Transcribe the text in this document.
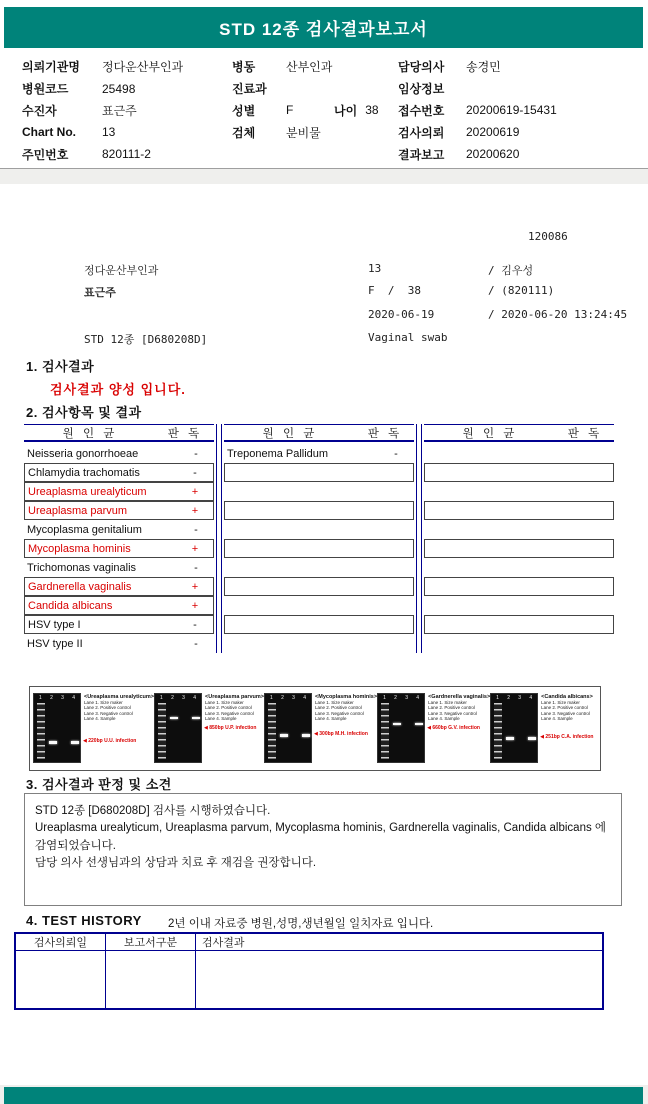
STD 12종 검사결과보고서
의뢰기관명	정다운산부인과
병원코드	25498
수진자	표근주
Chart No.	13
주민번호	820111-2
병동	산부인과
진료과
성별	F	나이 38
검체	분비물
담당의사	송경민
임상정보
접수번호	20200619-15431
검사의뢰	20200619
결과보고	20200620
120086
정다운산부인과	13	/ 김우성
표근주	F  /  38	/ (820111)
2020-06-19	/ 2020-06-20 13:24:45
STD 12종 [D680208D]	Vaginal swab
1. 검사결과
검사결과 양성 입니다.
2. 검사항목 및 결과
원 인 균	판 독
Neisseria gonorrhoeae	-
Chlamydia trachomatis	-
Ureaplasma urealyticum	+
Ureaplasma parvum	+
Mycoplasma genitalium	-
Mycoplasma hominis	+
Trichomonas vaginalis	-
Gardnerella vaginalis	+
Candida albicans	+
HSV type I	-
HSV type II	-
원 인 균	판 독
Treponema Pallidum	-
원 인 균	판 독
1 2 3 4 <Ureaplasma urealyticum>
Lane 1. Size maker
Lane 2. Positive control
Lane 3. Negative control
Lane 4. Sample
◀ 220bp U.U. infection
1 2 3 4 <Ureaplasma parvum>
Lane 1. Size maker
Lane 2. Positive control
Lane 3. Negative control
Lane 4. Sample
◀ 850bp U.P. infection
1 2 3 4 <Mycoplasma hominis>
Lane 1. Size maker
Lane 2. Positive control
Lane 3. Negative control
Lane 4. Sample
◀ 300bp M.H. infection
1 2 3 4 <Gardnerella vaginalis>
Lane 1. Size maker
Lane 2. Positive control
Lane 3. Negative control
Lane 4. Sample
◀ 660bp G.V. infection
1 2 3 4 <Candida albicans>
Lane 1. Size maker
Lane 2. Positive control
Lane 3. Negative control
Lane 4. Sample
◀ 251bp C.A. infection
3. 검사결과 판정 및 소견
STD 12종 [D680208D] 검사를 시행하였습니다.
Ureaplasma urealyticum, Ureaplasma parvum, Mycoplasma hominis, Gardnerella vaginalis, Candida albicans 에 감염되었습니다.
담당 의사 선생님과의 상담과 치료 후 재검을 권장합니다.
4. TEST HISTORY 2년 이내 자료중 병원,성명,생년월일 일치자료 입니다.
검사의뢰일	보고서구분	검사결과
